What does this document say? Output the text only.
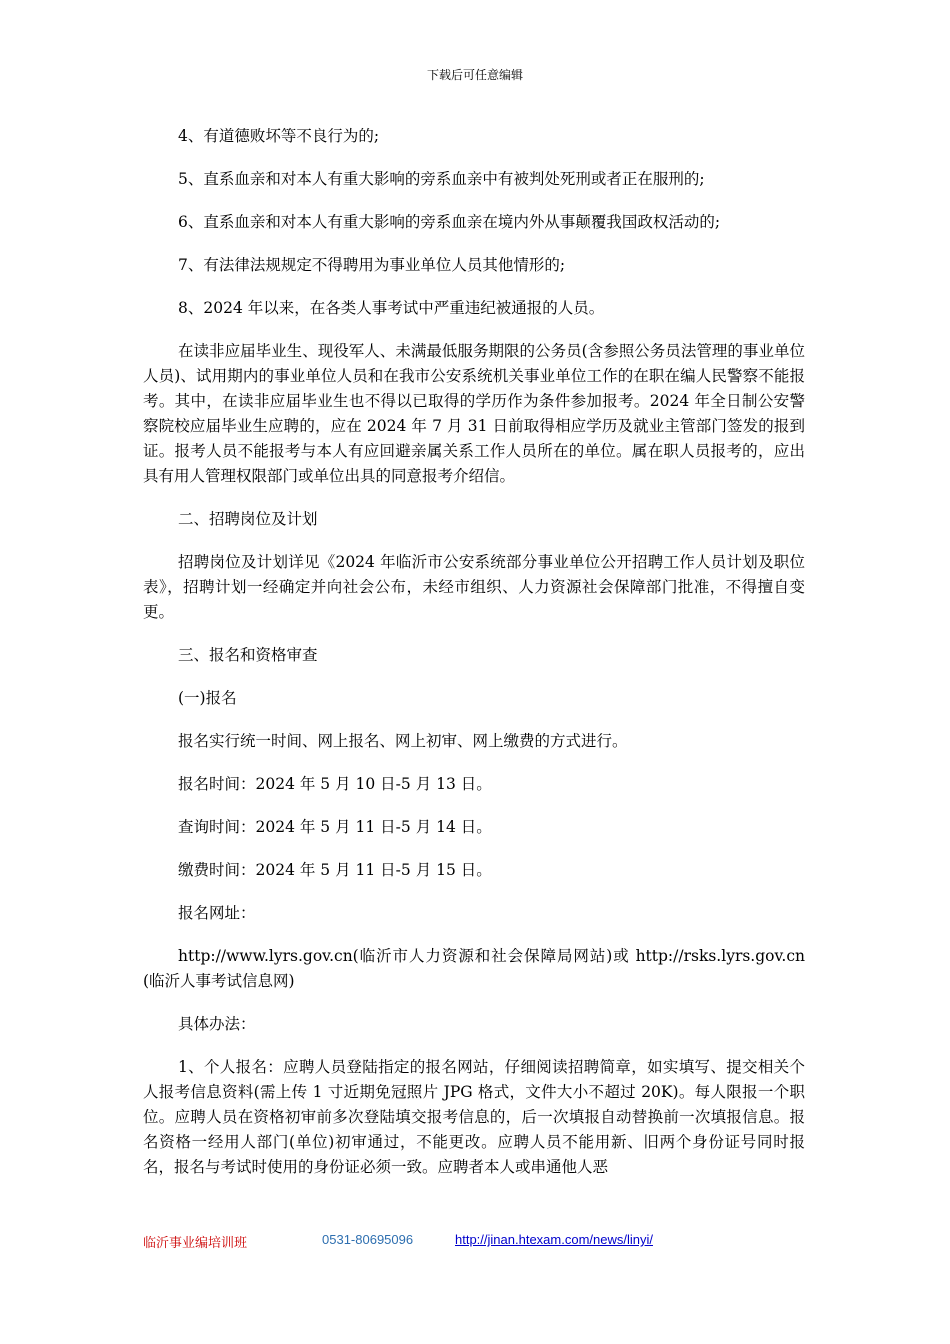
下载后可任意编辑

4、有道德败坏等不良行为的;

5、直系血亲和对本人有重大影响的旁系血亲中有被判处死刑或者正在服刑的;

6、直系血亲和对本人有重大影响的旁系血亲在境内外从事颠覆我国政权活动的;

7、有法律法规规定不得聘用为事业单位人员其他情形的;

8、2024 年以来，在各类人事考试中严重违纪被通报的人员。

在读非应届毕业生、现役军人、未满最低服务期限的公务员(含参照公务员法管理的事业单位人员)、试用期内的事业单位人员和在我市公安系统机关事业单位工作的在职在编人民警察不能报考。其中，在读非应届毕业生也不得以已取得的学历作为条件参加报考。2024 年全日制公安警察院校应届毕业生应聘的，应在 2024 年 7 月 31 日前取得相应学历及就业主管部门签发的报到证。报考人员不能报考与本人有应回避亲属关系工作人员所在的单位。属在职人员报考的，应出具有用人管理权限部门或单位出具的同意报考介绍信。

二、招聘岗位及计划

招聘岗位及计划详见《2024 年临沂市公安系统部分事业单位公开招聘工作人员计划及职位表》，招聘计划一经确定并向社会公布，未经市组织、人力资源社会保障部门批准，不得擅自变更。

三、报名和资格审查

(一)报名

报名实行统一时间、网上报名、网上初审、网上缴费的方式进行。

报名时间：2024 年 5 月 10 日-5 月 13 日。

查询时间：2024 年 5 月 11 日-5 月 14 日。

缴费时间：2024 年 5 月 11 日-5 月 15 日。

报名网址：

http://www.lyrs.gov.cn(临沂市人力资源和社会保障局网站)或 http://rsks.lyrs.gov.cn(临沂人事考试信息网)

具体办法：

1、个人报名：应聘人员登陆指定的报名网站，仔细阅读招聘简章，如实填写、提交相关个人报考信息资料(需上传 1 寸近期免冠照片 JPG 格式，文件大小不超过 20K)。每人限报一个职位。应聘人员在资格初审前多次登陆填交报考信息的，后一次填报自动替换前一次填报信息。报名资格一经用人部门(单位)初审通过，不能更改。应聘人员不能用新、旧两个身份证号同时报名，报名与考试时使用的身份证必须一致。应聘者本人或串通他人恶

临沂事业编培训班	0531-80695096	http://jinan.htexam.com/news/linyi/
